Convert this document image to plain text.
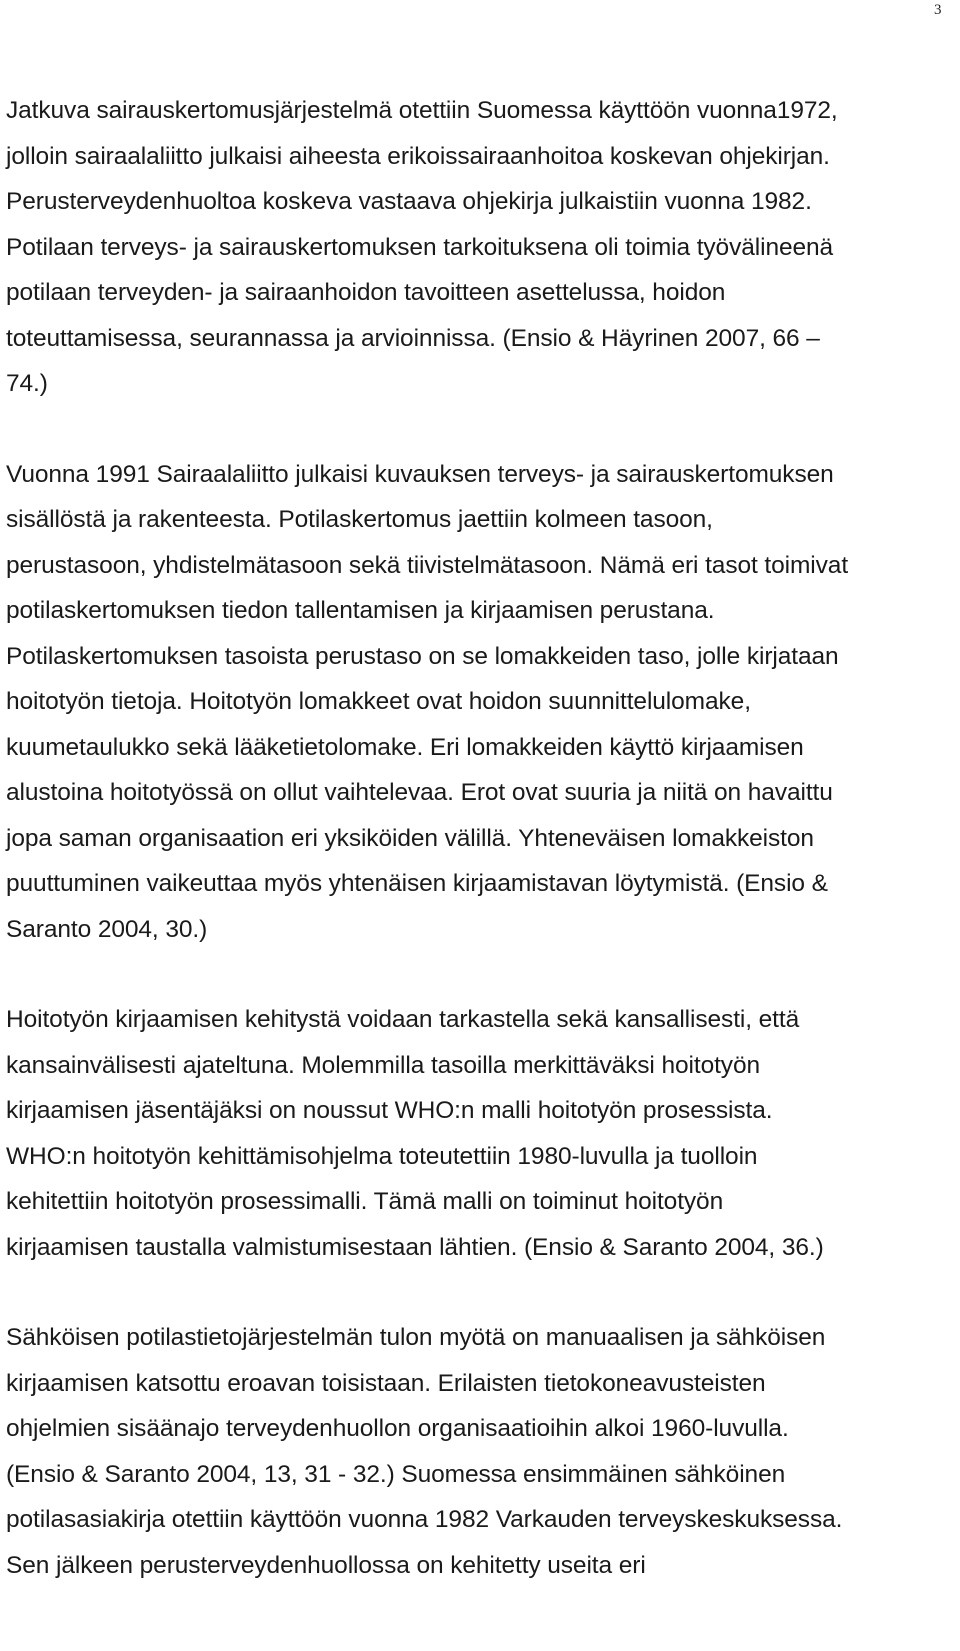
3

Jatkuva sairauskertomusjärjestelmä otettiin Suomessa käyttöön vuonna1972,
jolloin sairaalaliitto julkaisi aiheesta erikoissairaanhoitoa koskevan ohjekirjan.
Perusterveydenhuoltoa koskeva vastaava ohjekirja julkaistiin vuonna 1982.
Potilaan terveys- ja sairauskertomuksen tarkoituksena oli toimia työvälineenä
potilaan terveyden- ja sairaanhoidon tavoitteen asettelussa, hoidon
toteuttamisessa, seurannassa ja arvioinnissa. (Ensio & Häyrinen 2007, 66 –
74.)

Vuonna 1991 Sairaalaliitto julkaisi kuvauksen terveys- ja sairauskertomuksen
sisällöstä ja rakenteesta. Potilaskertomus jaettiin kolmeen tasoon,
perustasoon, yhdistelmätasoon sekä tiivistelmätasoon. Nämä eri tasot toimivat
potilaskertomuksen tiedon tallentamisen ja kirjaamisen perustana.
Potilaskertomuksen tasoista perustaso on se lomakkeiden taso, jolle kirjataan
hoitotyön tietoja. Hoitotyön lomakkeet ovat hoidon suunnittelulomake,
kuumetaulukko sekä lääketietolomake. Eri lomakkeiden käyttö kirjaamisen
alustoina hoitotyössä on ollut vaihtelevaa. Erot ovat suuria ja niitä on havaittu
jopa saman organisaation eri yksiköiden välillä. Yhteneväisen lomakkeiston
puuttuminen vaikeuttaa myös yhtenäisen kirjaamistavan löytymistä. (Ensio &
Saranto 2004, 30.)

Hoitotyön kirjaamisen kehitystä voidaan tarkastella sekä kansallisesti, että
kansainvälisesti ajateltuna. Molemmilla tasoilla merkittäväksi hoitotyön
kirjaamisen jäsentäjäksi on noussut WHO:n malli hoitotyön prosessista.
WHO:n hoitotyön kehittämisohjelma toteutettiin 1980-luvulla ja tuolloin
kehitettiin hoitotyön prosessimalli. Tämä malli on toiminut hoitotyön
kirjaamisen taustalla valmistumisestaan lähtien. (Ensio & Saranto 2004, 36.)

Sähköisen potilastietojärjestelmän tulon myötä on manuaalisen ja sähköisen
kirjaamisen katsottu eroavan toisistaan. Erilaisten tietokoneavusteisten
ohjelmien sisäänajo terveydenhuollon organisaatioihin alkoi 1960-luvulla.
(Ensio & Saranto 2004, 13, 31 - 32.) Suomessa ensimmäinen sähköinen
potilasasiakirja otettiin käyttöön vuonna 1982 Varkauden terveyskeskuksessa.
Sen jälkeen perusterveydenhuollossa on kehitetty useita eri
